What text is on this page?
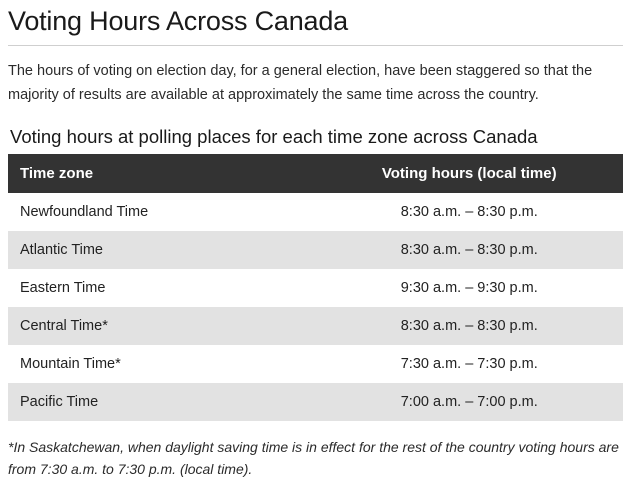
Voting Hours Across Canada

The hours of voting on election day, for a general election, have been staggered so that the majority of results are available at approximately the same time across the country.

Voting hours at polling places for each time zone across Canada
Time zone	Voting hours (local time)
Newfoundland Time	8:30 a.m. – 8:30 p.m.
Atlantic Time	8:30 a.m. – 8:30 p.m.
Eastern Time	9:30 a.m. – 9:30 p.m.
Central Time*	8:30 a.m. – 8:30 p.m.
Mountain Time*	7:30 a.m. – 7:30 p.m.
Pacific Time	7:00 a.m. – 7:00 p.m.

*In Saskatchewan, when daylight saving time is in effect for the rest of the country voting hours are from 7:30 a.m. to 7:30 p.m. (local time).
